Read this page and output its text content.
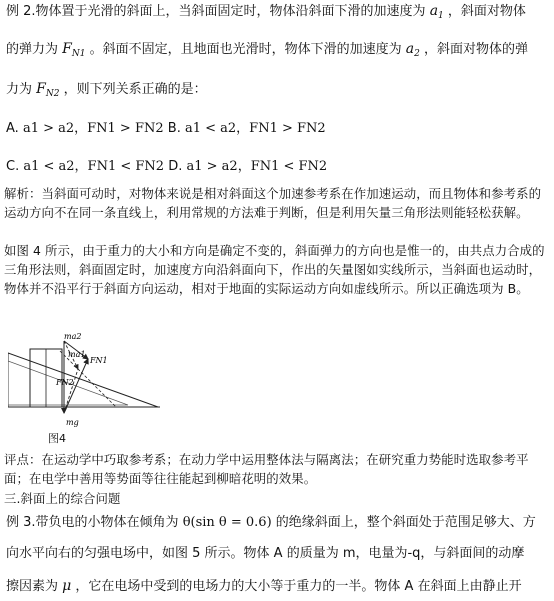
例 2.物体置于光滑的斜面上，当斜面固定时，物体沿斜面下滑的加速度为 $a_1$ ，斜面对物体
的弹力为 $F_{N1}$ 。斜面不固定，且地面也光滑时，物体下滑的加速度为 $a_2$ ，斜面对物体的弹
力为 $F_{N2}$ ，则下列关系正确的是：
A. a1 > a2，FN1 > FN2 B. a1 < a2，FN1 > FN2
C. a1 < a2，FN1 < FN2 D. a1 > a2，FN1 < FN2
解析：当斜面可动时，对物体来说是相对斜面这个加速参考系在作加速运动，而且物体和参考系的运动方向不在同一条直线上，利用常规的方法难于判断，但是利用矢量三角形法则能轻松获解。
如图 4 所示，由于重力的大小和方向是确定不变的，斜面弹力的方向也是惟一的，由共点力合成的三角形法则，斜面固定时，加速度方向沿斜面向下，作出的矢量图如实线所示，当斜面也运动时，物体并不沿平行于斜面方向运动，相对于地面的实际运动方向如虚线所示。所以正确选项为 B。
ma2
ma1
FN1
FN2
mg
图4
评点：在运动学中巧取参考系；在动力学中运用整体法与隔离法；在研究重力势能时选取参考平面；在电学中善用等势面等往往能起到柳暗花明的效果。
三.斜面上的综合问题
例 3.带负电的小物体在倾角为 θ(sin θ = 0.6) 的绝缘斜面上，整个斜面处于范围足够大、方
向水平向右的匀强电场中，如图 5 所示。物体 A 的质量为 m，电量为-q，与斜面间的动摩
擦因素为 μ ，它在电场中受到的电场力的大小等于重力的一半。物体 A 在斜面上由静止开
